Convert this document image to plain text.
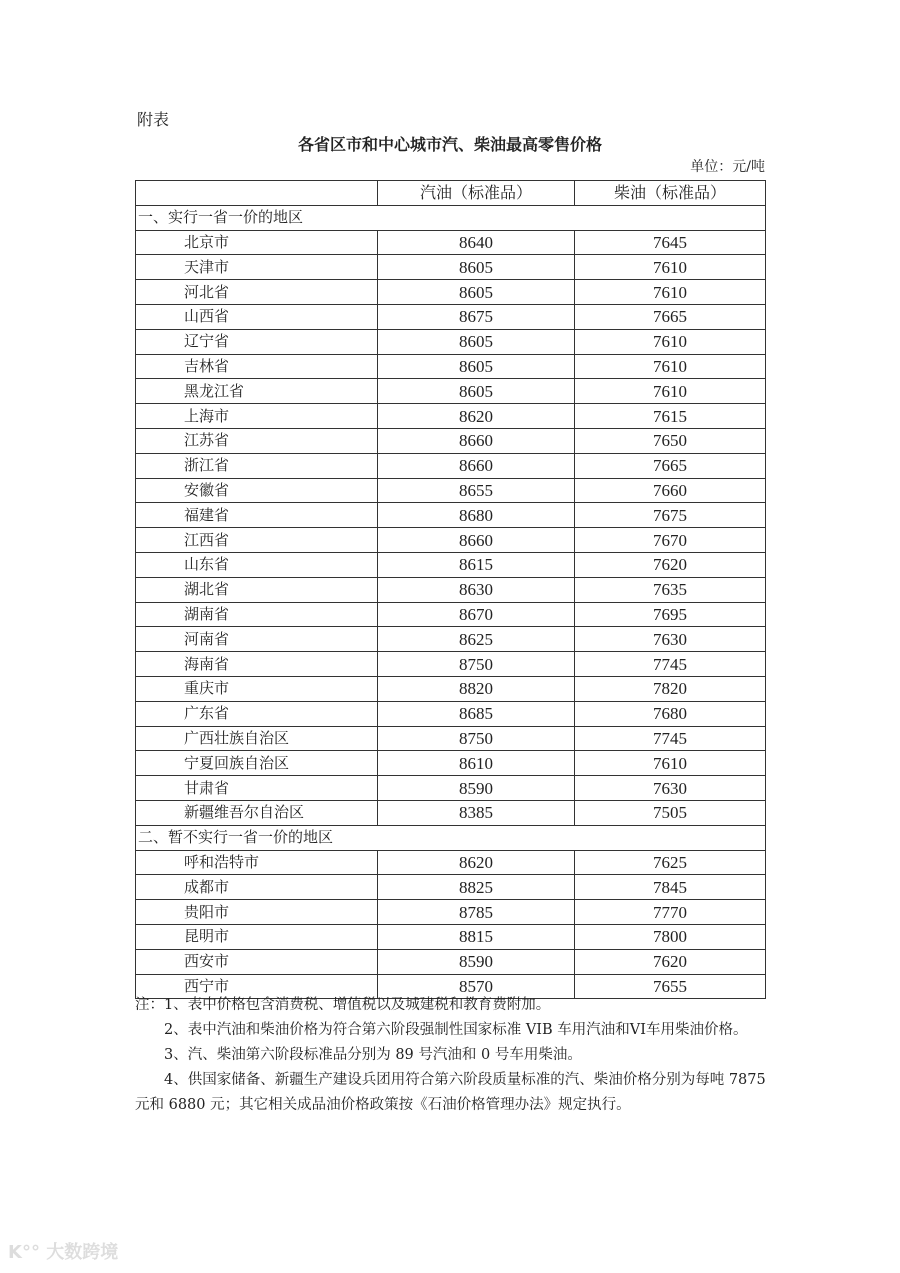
附表
各省区市和中心城市汽、柴油最高零售价格
单位：元/吨
	汽油（标准品）	柴油（标准品）
一、实行一省一价的地区		
北京市	8640	7645
天津市	8605	7610
河北省	8605	7610
山西省	8675	7665
辽宁省	8605	7610
吉林省	8605	7610
黑龙江省	8605	7610
上海市	8620	7615
江苏省	8660	7650
浙江省	8660	7665
安徽省	8655	7660
福建省	8680	7675
江西省	8660	7670
山东省	8615	7620
湖北省	8630	7635
湖南省	8670	7695
河南省	8625	7630
海南省	8750	7745
重庆市	8820	7820
广东省	8685	7680
广西壮族自治区	8750	7745
宁夏回族自治区	8610	7610
甘肃省	8590	7630
新疆维吾尔自治区	8385	7505
二、暂不实行一省一价的地区		
呼和浩特市	8620	7625
成都市	8825	7845
贵阳市	8785	7770
昆明市	8815	7800
西安市	8590	7620
西宁市	8570	7655

注：1、表中价格包含消费税、增值税以及城建税和教育费附加。

2、表中汽油和柴油价格为符合第六阶段强制性国家标准 VIB 车用汽油和VI车用柴油价格。

3、汽、柴油第六阶段标准品分别为 89 号汽油和 0 号车用柴油。

4、供国家储备、新疆生产建设兵团用符合第六阶段质量标准的汽、柴油价格分别为每吨 7875 元和 6880 元；其它相关成品油价格政策按《石油价格管理办法》规定执行。

K°° 大数跨境
